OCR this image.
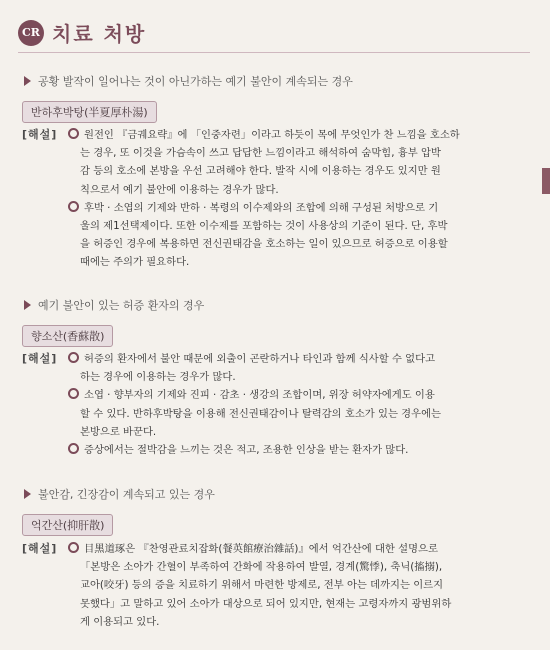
CR 치료 처방
공황 발작이 일어나는 것이 아닌가하는 예기 불안이 계속되는 경우
반하후박탕(半夏厚朴湯)
[해설]	원전인 『금궤요략』에 「인중자련」이라고 하듯이 목에 무엇인가 찬 느낌을 호소하
는 경우, 또 이것을 가슴속이 쓰고 답답한 느낌이라고 해석하여 숨막힘, 흉부 압박
감 등의 호소에 본방을 우선 고려해야 한다. 발작 시에 이용하는 경우도 있지만 원
칙으로서 예기 불안에 이용하는 경우가 많다.
후박 · 소엽의 기제와 반하 · 복령의 이수제와의 조합에 의해 구성된 처방으로 기
울의 제1선택제이다. 또한 이수제를 포함하는 것이 사용상의 기준이 된다. 단, 후박
을 허증인 경우에 복용하면 전신권태감을 호소하는 일이 있으므로 허증으로 이용할
때에는 주의가 필요하다.
예기 불안이 있는 허증 환자의 경우
향소산(香蘇散)
[해설]	허증의 환자에서 불안 때문에 외출이 곤란하거나 타인과 함께 식사할 수 없다고
하는 경우에 이용하는 경우가 많다.
소엽 · 향부자의 기제와 진피 · 감초 · 생강의 조합이며, 위장 허약자에게도 이용
할 수 있다. 반하후박탕을 이용해 전신권태감이나 탈력감의 호소가 있는 경우에는
본방으로 바꾼다.
증상에서는 절박감을 느끼는 것은 적고, 조용한 인상을 받는 환자가 많다.
불안감, 긴장감이 계속되고 있는 경우
억간산(抑肝散)
[해설]	目黑道琢은 『찬영관료치잡화(餐英館療治雜話)』에서 억간산에 대한 설명으로
「본방은 소아가 간혈이 부족하여 간화에 작용하여 발열, 경계(驚悸), 축닉(搐搦),
교아(咬牙) 등의 증을 치료하기 위해서 마련한 방제로, 전부 아는 데까지는 이르지
못했다」고 말하고 있어 소아가 대상으로 되어 있지만, 현재는 고령자까지 광범위하
게 이용되고 있다.
